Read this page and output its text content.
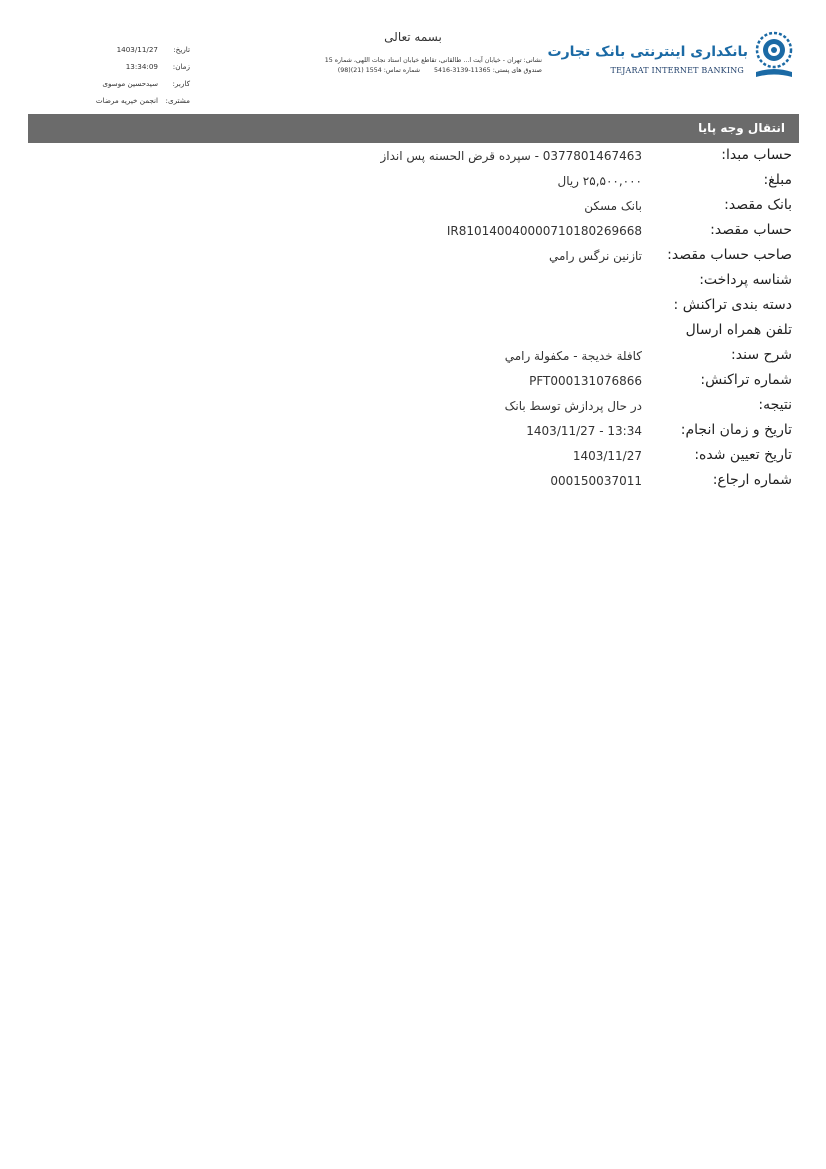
بسمه تعالی
بانکداری اینترنتی بانک تجارت
TEJARAT INTERNET BANKING
نشانی: تهران - خیابان آیت ا... طالقانی، تقاطع خیابان استاد نجات اللهی، شماره 15
صندوق های پستی: 11365-3139-5416شماره تماس: 1554 (21)(98)
تاریخ:
1403/11/27
زمان:
13:34:09
کاربر:
سیدحسین موسوی
مشتری:
انجمن خیریه مرضات
انتقال وجه پایا
حساب مبدا:
0377801467463 - سپرده قرض الحسنه پس انداز
مبلغ:
۲۵,۵۰۰,۰۰۰ ریال
بانک مقصد:
بانک مسکن
حساب مقصد:
IR810140040000710180269668
صاحب حساب مقصد:
تازنین نرگس رامي
شناسه پرداخت:
دسته بندی تراکنش :
تلفن همراه ارسال
شرح سند:
كافلة خديجة - مكفولة رامي
شماره تراکنش:
PFT000131076866
نتیجه:
در حال پردازش توسط بانک
تاریخ و زمان انجام:
1403/11/27 - 13:34
تاریخ تعیین شده:
1403/11/27
شماره ارجاع:
000150037011
